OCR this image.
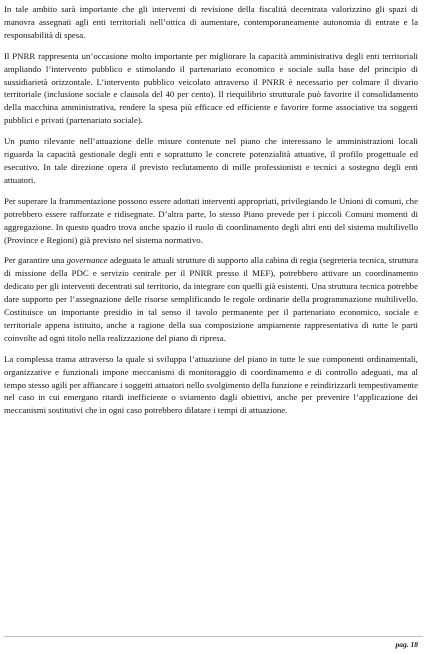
In tale ambito sarà importante che gli interventi di revisione della fiscalità decentrata valorizzino gli spazi di manovra assegnati agli enti territoriali nell’ottica di aumentare, contemporaneamente autonomia di entrate e la responsabilità di spesa.

Il PNRR rappresenta un’occasione molto importante per migliorare la capacità amministrativa degli enti territoriali ampliando l’intervento pubblico e stimolando il partenariato economico e sociale sulla base del principio di sussidiarietà orizzontale. L’intervento pubblico veicolato attraverso il PNRR è necessario per colmare il divario territoriale (inclusione sociale e clausola del 40 per cento). Il riequilibrio strutturale può favorire il consolidamento della macchina amministrativa, rendere la spesa più efficace ed efficiente e favorire forme associative tra soggetti pubblici e privati (partenariato sociale).

Un punto rilevante nell’attuazione delle misure contenute nel piano che interessano le amministrazioni locali riguarda la capacità gestionale degli enti e soprattutto le concrete potenzialità attuative, il profilo progettuale ed esecutivo. In tale direzione opera il previsto reclutamento di mille professionisti e tecnici a sostegno degli enti attuatori.

Per superare la frammentazione possono essere adottati interventi appropriati, privilegiando le Unioni di comuni, che potrebbero essere rafforzate e ridisegnate. D’altra parte, lo stesso Piano prevede per i piccoli Comuni momenti di aggregazione. In questo quadro trova anche spazio il ruolo di coordinamento degli altri enti del sistema multilivello (Province e Regioni) già previsto nel sistema normativo.

Per garantire una governance adeguata le attuali strutture di supporto alla cabina di regia (segreteria tecnica, struttura di missione della PDC e servizio centrale per il PNRR presso il MEF), potrebbero attivare un coordinamento dedicato per gli interventi decentrati sul territorio, da integrare con quelli già esistenti. Una struttura tecnica potrebbe dare supporto per l’assegnazione delle risorse semplificando le regole ordinarie della programmazione multilivello. Costituisce un importante presidio in tal senso il tavolo permanente per il partenariato economico, sociale e territoriale appena istituito, anche a ragione della sua composizione ampiamente rappresentativa di tutte le parti coinvolte ad ogni titolo nella realizzazione del piano di ripresa.

La complessa trama attraverso la quale si sviluppa l’attuazione del piano in tutte le sue componenti ordinamentali, organizzative e funzionali impone meccanismi di monitoraggio di coordinamento e di controllo adeguati, ma al tempo stesso agili per affiancare i soggetti attuatori nello svolgimento della funzione e reindirizzarli tempestivamente nel caso in cui emergano ritardi inefficiente o sviamento dagli obiettivi, anche per prevenire l’applicazione dei meccanismi sostitutivi che in ogni caso potrebbero dilatare i tempi di attuazione.

pag. 18
